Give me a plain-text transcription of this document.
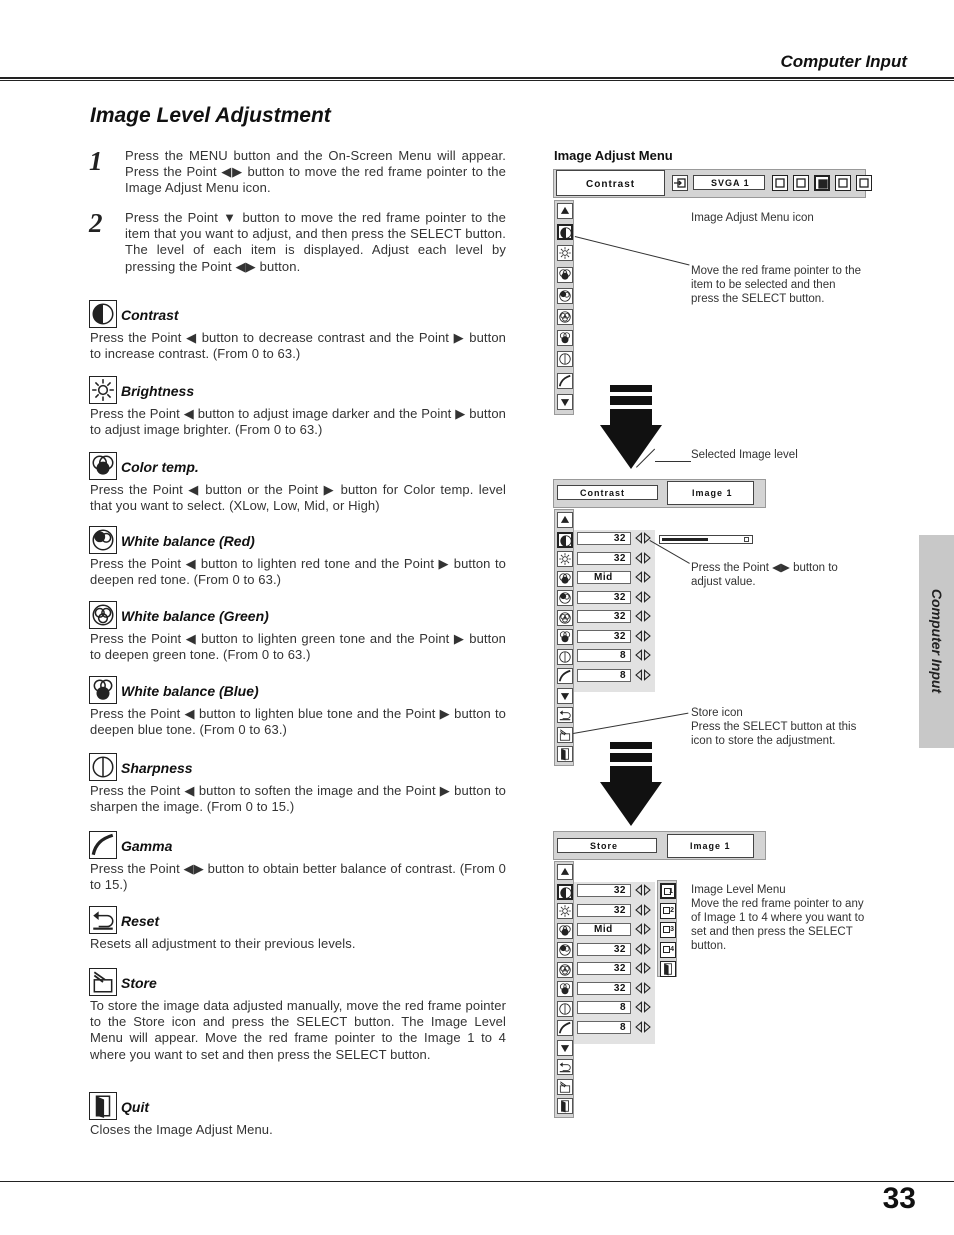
Computer Input
Image Level Adjustment
Computer Input
33
1 Press the MENU button and the On-Screen Menu will appear. Press the Point ◀▶ button to move the red frame pointer to the Image Adjust Menu icon.
2 Press the Point ▼ button to move the red frame pointer to the item that you want to adjust, and then press the SELECT button. The level of each item is displayed. Adjust each level by pressing the Point ◀▶ button.
Contrast
Press the Point ◀ button to decrease contrast and the Point ▶ button to increase contrast. (From 0 to 63.)
Brightness
Press the Point ◀ button to adjust image darker and the Point ▶ button to adjust image brighter. (From 0 to 63.)
Color temp.
Press the Point ◀ button or the Point ▶ button for Color temp. level that you want to select. (XLow, Low, Mid, or High)
White balance (Red)
Press the Point ◀ button to lighten red tone and the Point ▶ button to deepen red tone. (From 0 to 63.)
White balance (Green)
Press the Point ◀ button to lighten green tone and the Point ▶ button to deepen green tone. (From 0 to 63.)
White balance (Blue)
Press the Point ◀ button to lighten blue tone and the Point ▶ button to deepen blue tone. (From 0 to 63.)
Sharpness
Press the Point ◀ button to soften the image and the Point ▶ button to sharpen the image. (From 0 to 15.)
Gamma
Press the Point ◀▶ button to obtain better balance of contrast. (From 0 to 15.)
Reset
Resets all adjustment to their previous levels.
Store
To store the image data adjusted manually, move the red frame pointer to the Store icon and press the SELECT button. The Image Level Menu will appear. Move the red frame pointer to the Image 1 to 4 where you want to set and then press the SELECT button.
Quit
Closes the Image Adjust Menu.
Image Adjust Menu
Contrast	SVGA 1
Contrast	Image 1
Store	Image 1
32
32
Mid
32
32
32
8
8
32
32
Mid
32
32
32
8
8
1
2
3
4
Image Adjust Menu icon
Move the red frame pointer to the item to be selected and then press the SELECT button.
Selected Image level
Press the Point ◀▶ button to adjust value.
Store icon
Press the SELECT button at this icon to store the adjustment.
Image Level Menu
Move the red frame pointer to any of Image 1 to 4 where you want to set and then press the SELECT button.
